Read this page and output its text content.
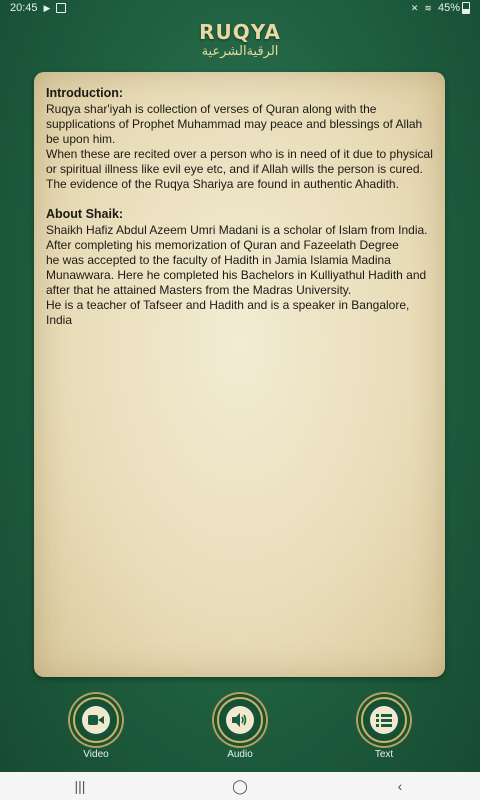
20:45 ▶	✕ ≋ 45%
RUQYA
الرقيةالشرعية
Introduction:
Ruqya shar'iyah is collection of verses of Quran along with the
supplications of Prophet Muhammad may peace and blessings of Allah
be upon him.
When these are recited over a person who is in need of it due to physical
or spiritual illness like evil eye etc, and if Allah wills the person is cured.
The evidence of the Ruqya Shariya are found in authentic Ahadith.
About Shaik:
Shaikh Hafiz Abdul Azeem Umri Madani is a scholar of Islam from India.
After completing his memorization of Quran and Fazeelath Degree
he was accepted to the faculty of Hadith in Jamia Islamia Madina
Munawwara. Here he completed his Bachelors in Kulliyathul Hadith and
after that he attained Masters from the Madras University.
He is a teacher of Tafseer and Hadith and is a speaker in Bangalore, India
Video	Audio	Text
|||	◯	‹
